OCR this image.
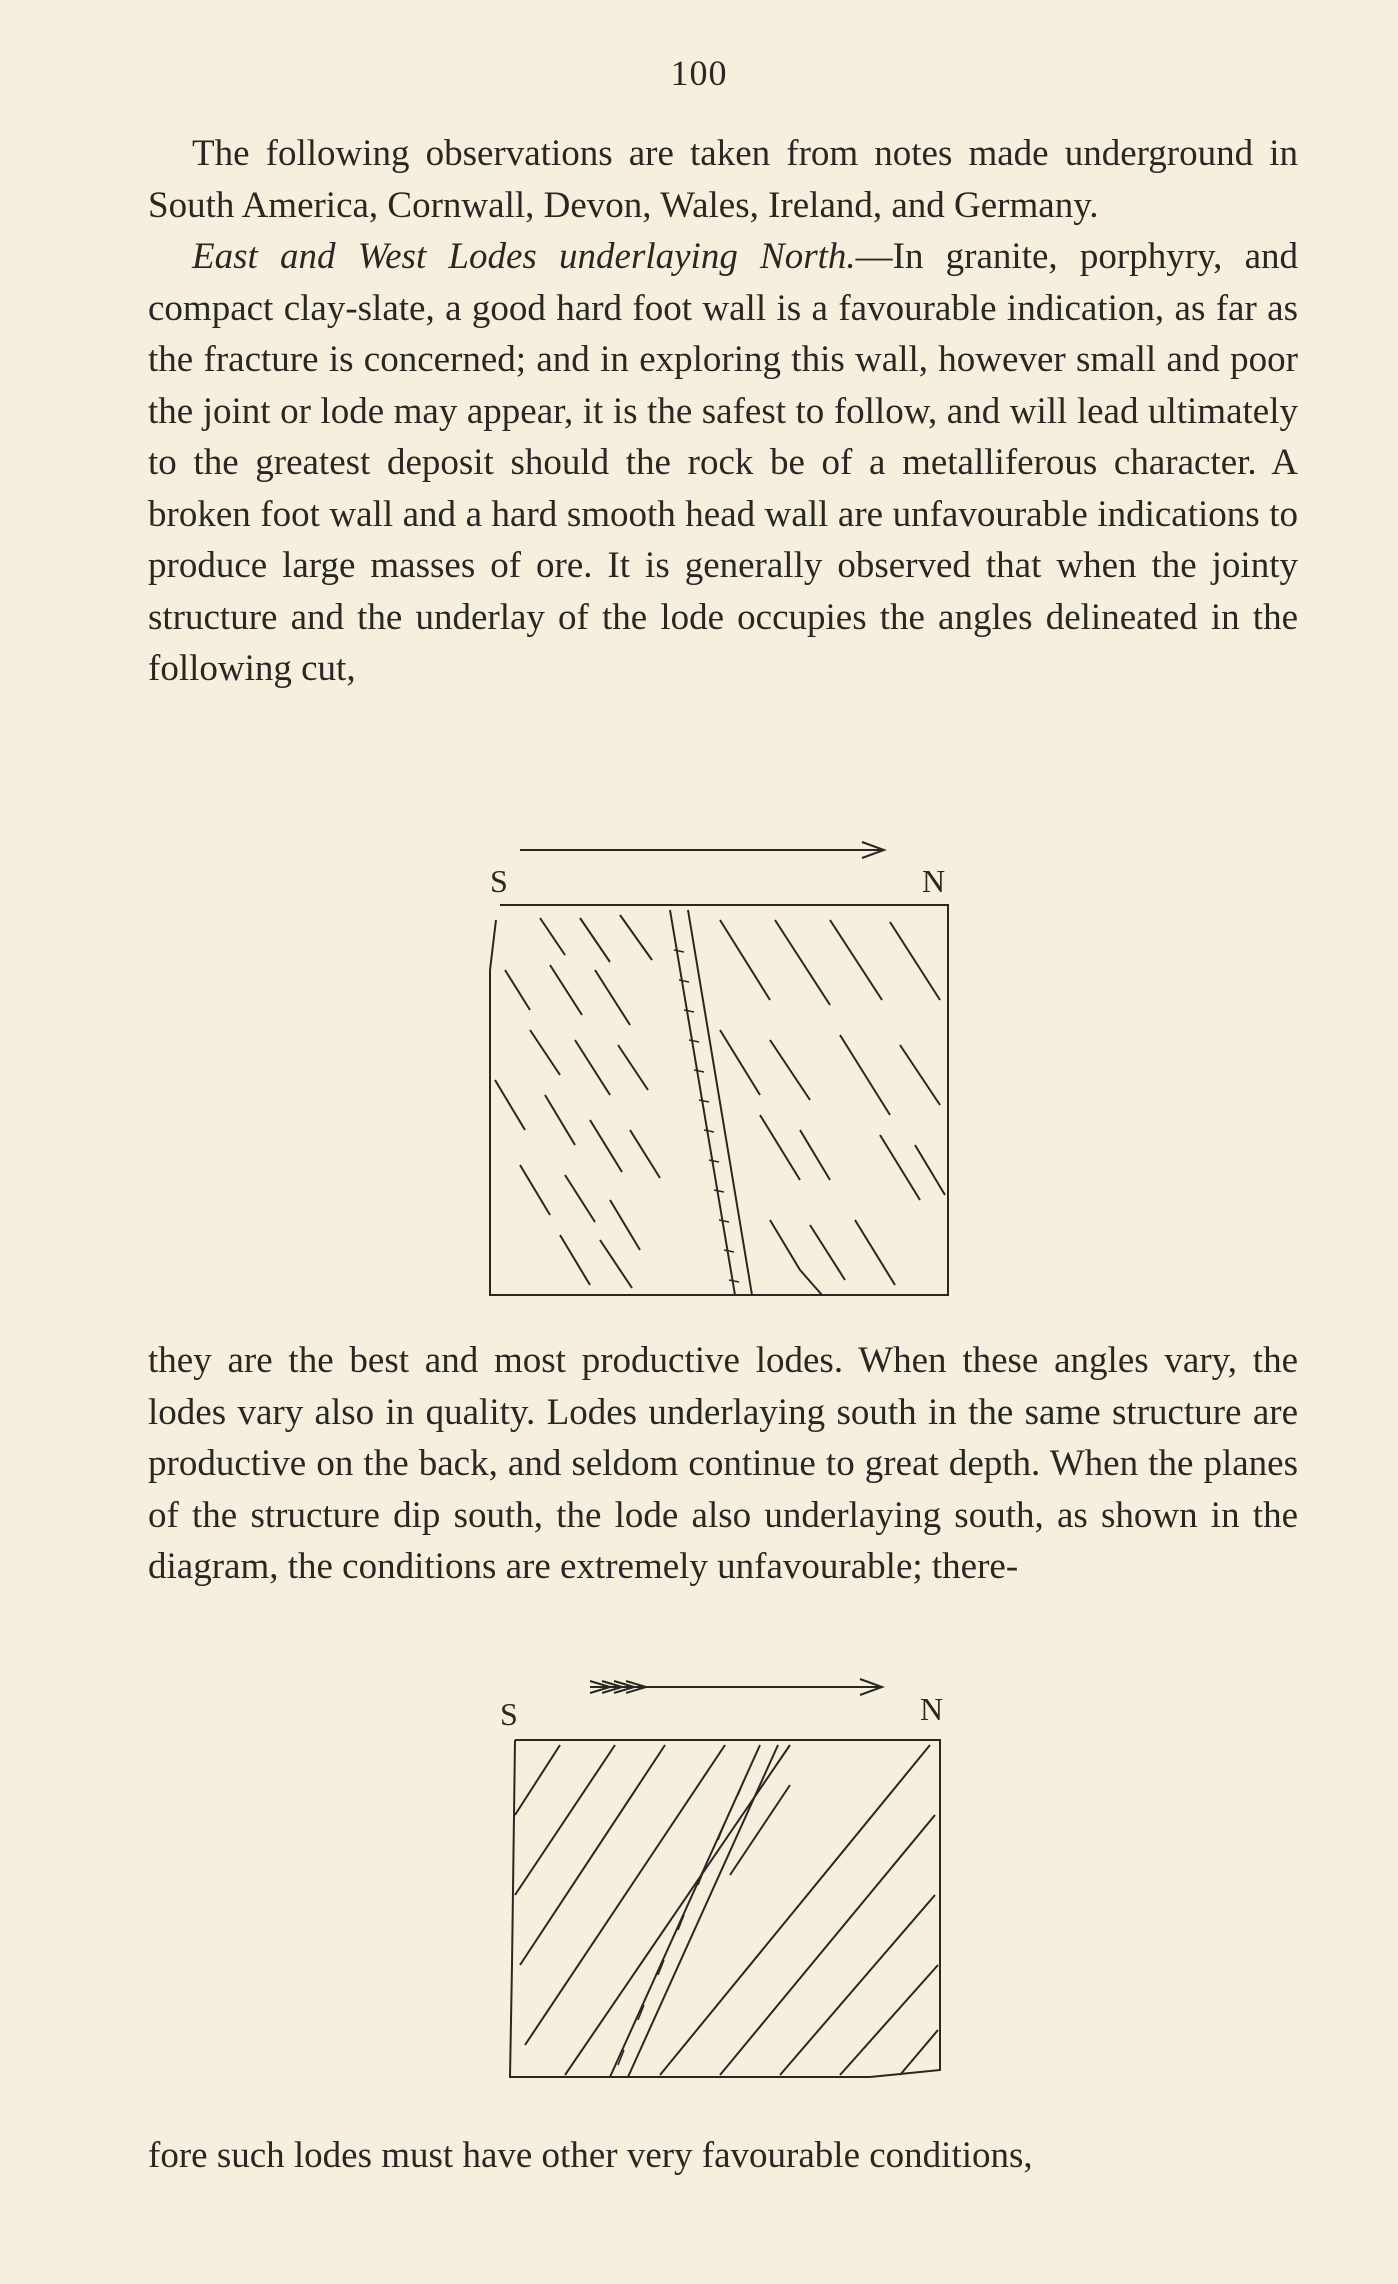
100

The following observations are taken from notes made underground in South America, Cornwall, Devon, Wales, Ireland, and Germany.

East and West Lodes underlaying North.—In granite, porphyry, and compact clay-slate, a good hard foot wall is a favourable indication, as far as the fracture is concerned; and in exploring this wall, however small and poor the joint or lode may appear, it is the safest to follow, and will lead ultimately to the greatest deposit should the rock be of a metalliferous character. A broken foot wall and a hard smooth head wall are unfavourable indications to produce large masses of ore. It is generally observed that when the jointy structure and the underlay of the lode occupies the angles delineated in the following cut,

S	N

they are the best and most productive lodes. When these angles vary, the lodes vary also in quality. Lodes underlaying south in the same structure are productive on the back, and seldom continue to great depth. When the planes of the structure dip south, the lode also underlaying south, as shown in the diagram, the conditions are extremely unfavourable; there-

S	N

fore such lodes must have other very favourable conditions,
